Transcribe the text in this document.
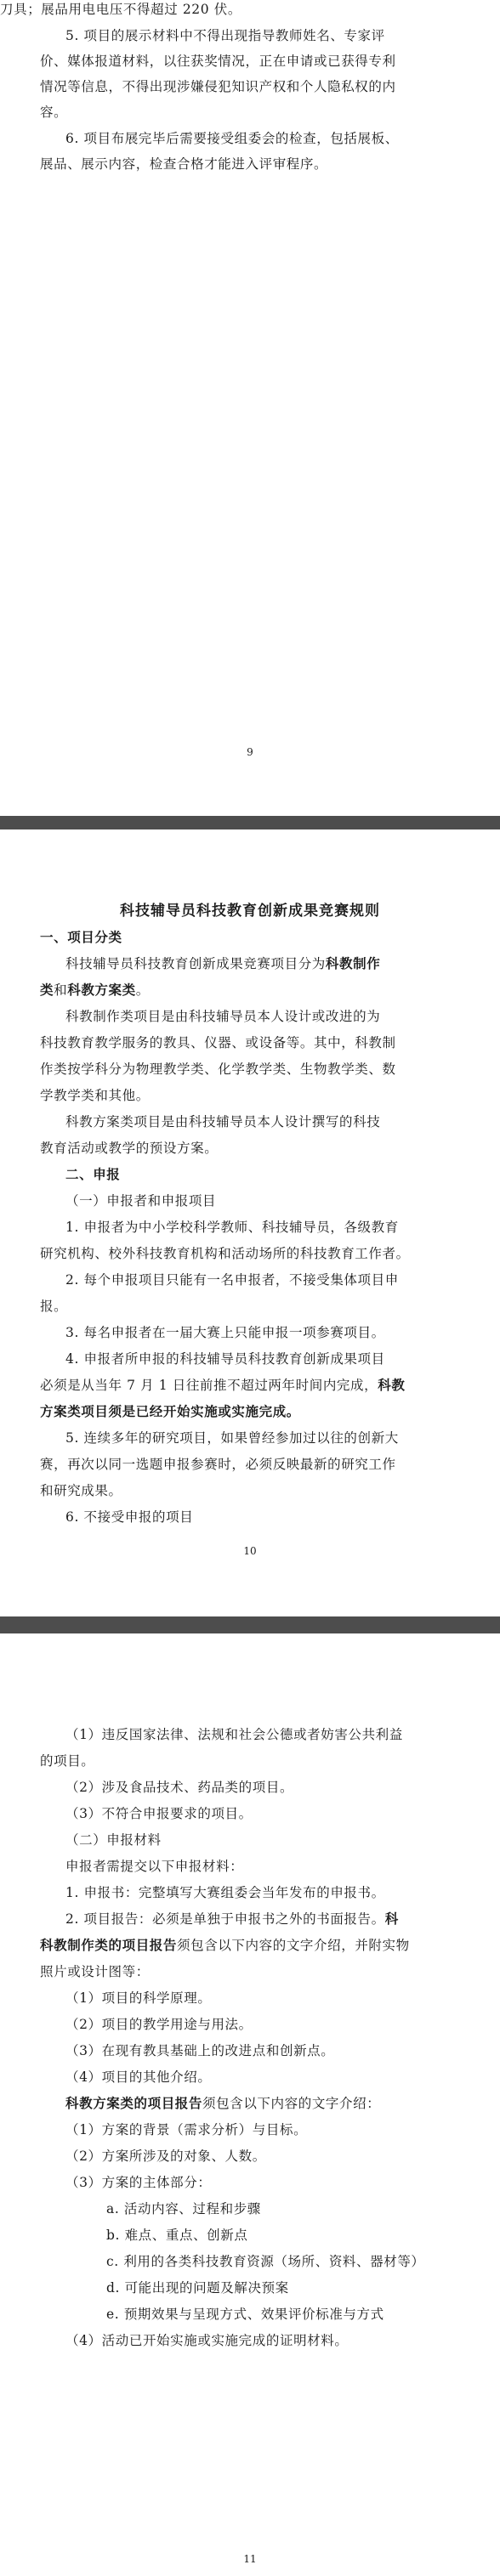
刀具；展品用电电压不得超过 220 伏。
5. 项目的展示材料中不得出现指导教师姓名、专家评
价、媒体报道材料，以往获奖情况，正在申请或已获得专利
情况等信息，不得出现涉嫌侵犯知识产权和个人隐私权的内
容。
6. 项目布展完毕后需要接受组委会的检查，包括展板、
展品、展示内容，检查合格才能进入评审程序。
9
科技辅导员科技教育创新成果竞赛规则
一、项目分类
科技辅导员科技教育创新成果竞赛项目分为科教制作
类和科教方案类。
科教制作类项目是由科技辅导员本人设计或改进的为
科技教育教学服务的教具、仪器、或设备等。其中，科教制
作类按学科分为物理教学类、化学教学类、生物教学类、数
学教学类和其他。
科教方案类项目是由科技辅导员本人设计撰写的科技
教育活动或教学的预设方案。
二、申报
（一）申报者和申报项目
1. 申报者为中小学校科学教师、科技辅导员，各级教育
研究机构、校外科技教育机构和活动场所的科技教育工作者。
2. 每个申报项目只能有一名申报者，不接受集体项目申
报。
3. 每名申报者在一届大赛上只能申报一项参赛项目。
4. 申报者所申报的科技辅导员科技教育创新成果项目
必须是从当年 7 月 1 日往前推不超过两年时间内完成，科教
方案类项目须是已经开始实施或实施完成。
5. 连续多年的研究项目，如果曾经参加过以往的创新大
赛，再次以同一选题申报参赛时，必须反映最新的研究工作
和研究成果。
6. 不接受申报的项目
10
（1）违反国家法律、法规和社会公德或者妨害公共利益
的项目。
（2）涉及食品技术、药品类的项目。
（3）不符合申报要求的项目。
（二）申报材料
申报者需提交以下申报材料：
1. 申报书：完整填写大赛组委会当年发布的申报书。
2. 项目报告：必须是单独于申报书之外的书面报告。科
科教制作类的项目报告须包含以下内容的文字介绍，并附实物
照片或设计图等：
（1）项目的科学原理。
（2）项目的教学用途与用法。
（3）在现有教具基础上的改进点和创新点。
（4）项目的其他介绍。
科教方案类的项目报告须包含以下内容的文字介绍：
（1）方案的背景（需求分析）与目标。
（2）方案所涉及的对象、人数。
（3）方案的主体部分：
a. 活动内容、过程和步骤
b. 难点、重点、创新点
c. 利用的各类科技教育资源（场所、资料、器材等）
d. 可能出现的问题及解决预案
e. 预期效果与呈现方式、效果评价标准与方式
（4）活动已开始实施或实施完成的证明材料。
11
